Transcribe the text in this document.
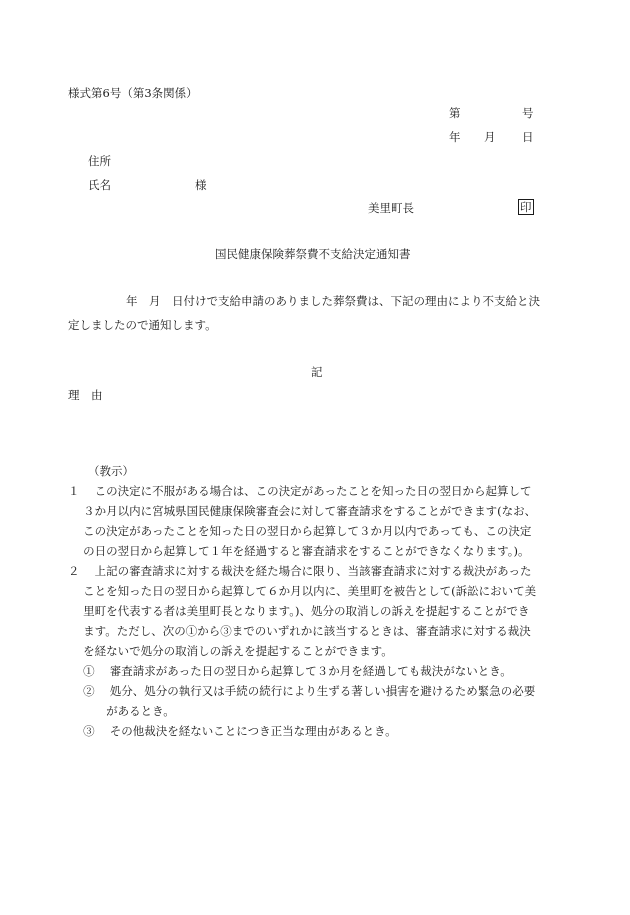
様式第6号（第3条関係）
第	号
年 月 日
住所
氏名	様
美里町長	印
国民健康保険葬祭費不支給決定通知書
年　月　日付けで支給申請のありました葬祭費は、下記の理由により不支給と決
定しましたので通知します。
記
理　由
（教示）
１　 この決定に不服がある場合は、この決定があったことを知った日の翌日から起算して
　 ３か月以内に宮城県国民健康保険審査会に対して審査請求をすることができます(なお、
　 この決定があったことを知った日の翌日から起算して３か月以内であっても、この決定
　 の日の翌日から起算して１年を経過すると審査請求をすることができなくなります。)。
２　 上記の審査請求に対する裁決を経た場合に限り、当該審査請求に対する裁決があった
　 ことを知った日の翌日から起算して６か月以内に、美里町を被告として(訴訟において美
　 里町を代表する者は美里町長となります。)、処分の取消しの訴えを提起することができ
　 ます。ただし、次の①から③までのいずれかに該当するときは、審査請求に対する裁決
　 を経ないで処分の取消しの訴えを提起することができます。
　 ①　 審査請求があった日の翌日から起算して３か月を経過しても裁決がないとき。
　 ②　 処分、処分の執行又は手続の続行により生ずる著しい損害を避けるため緊急の必要
　　　 があるとき。
　 ③　 その他裁決を経ないことにつき正当な理由があるとき。
